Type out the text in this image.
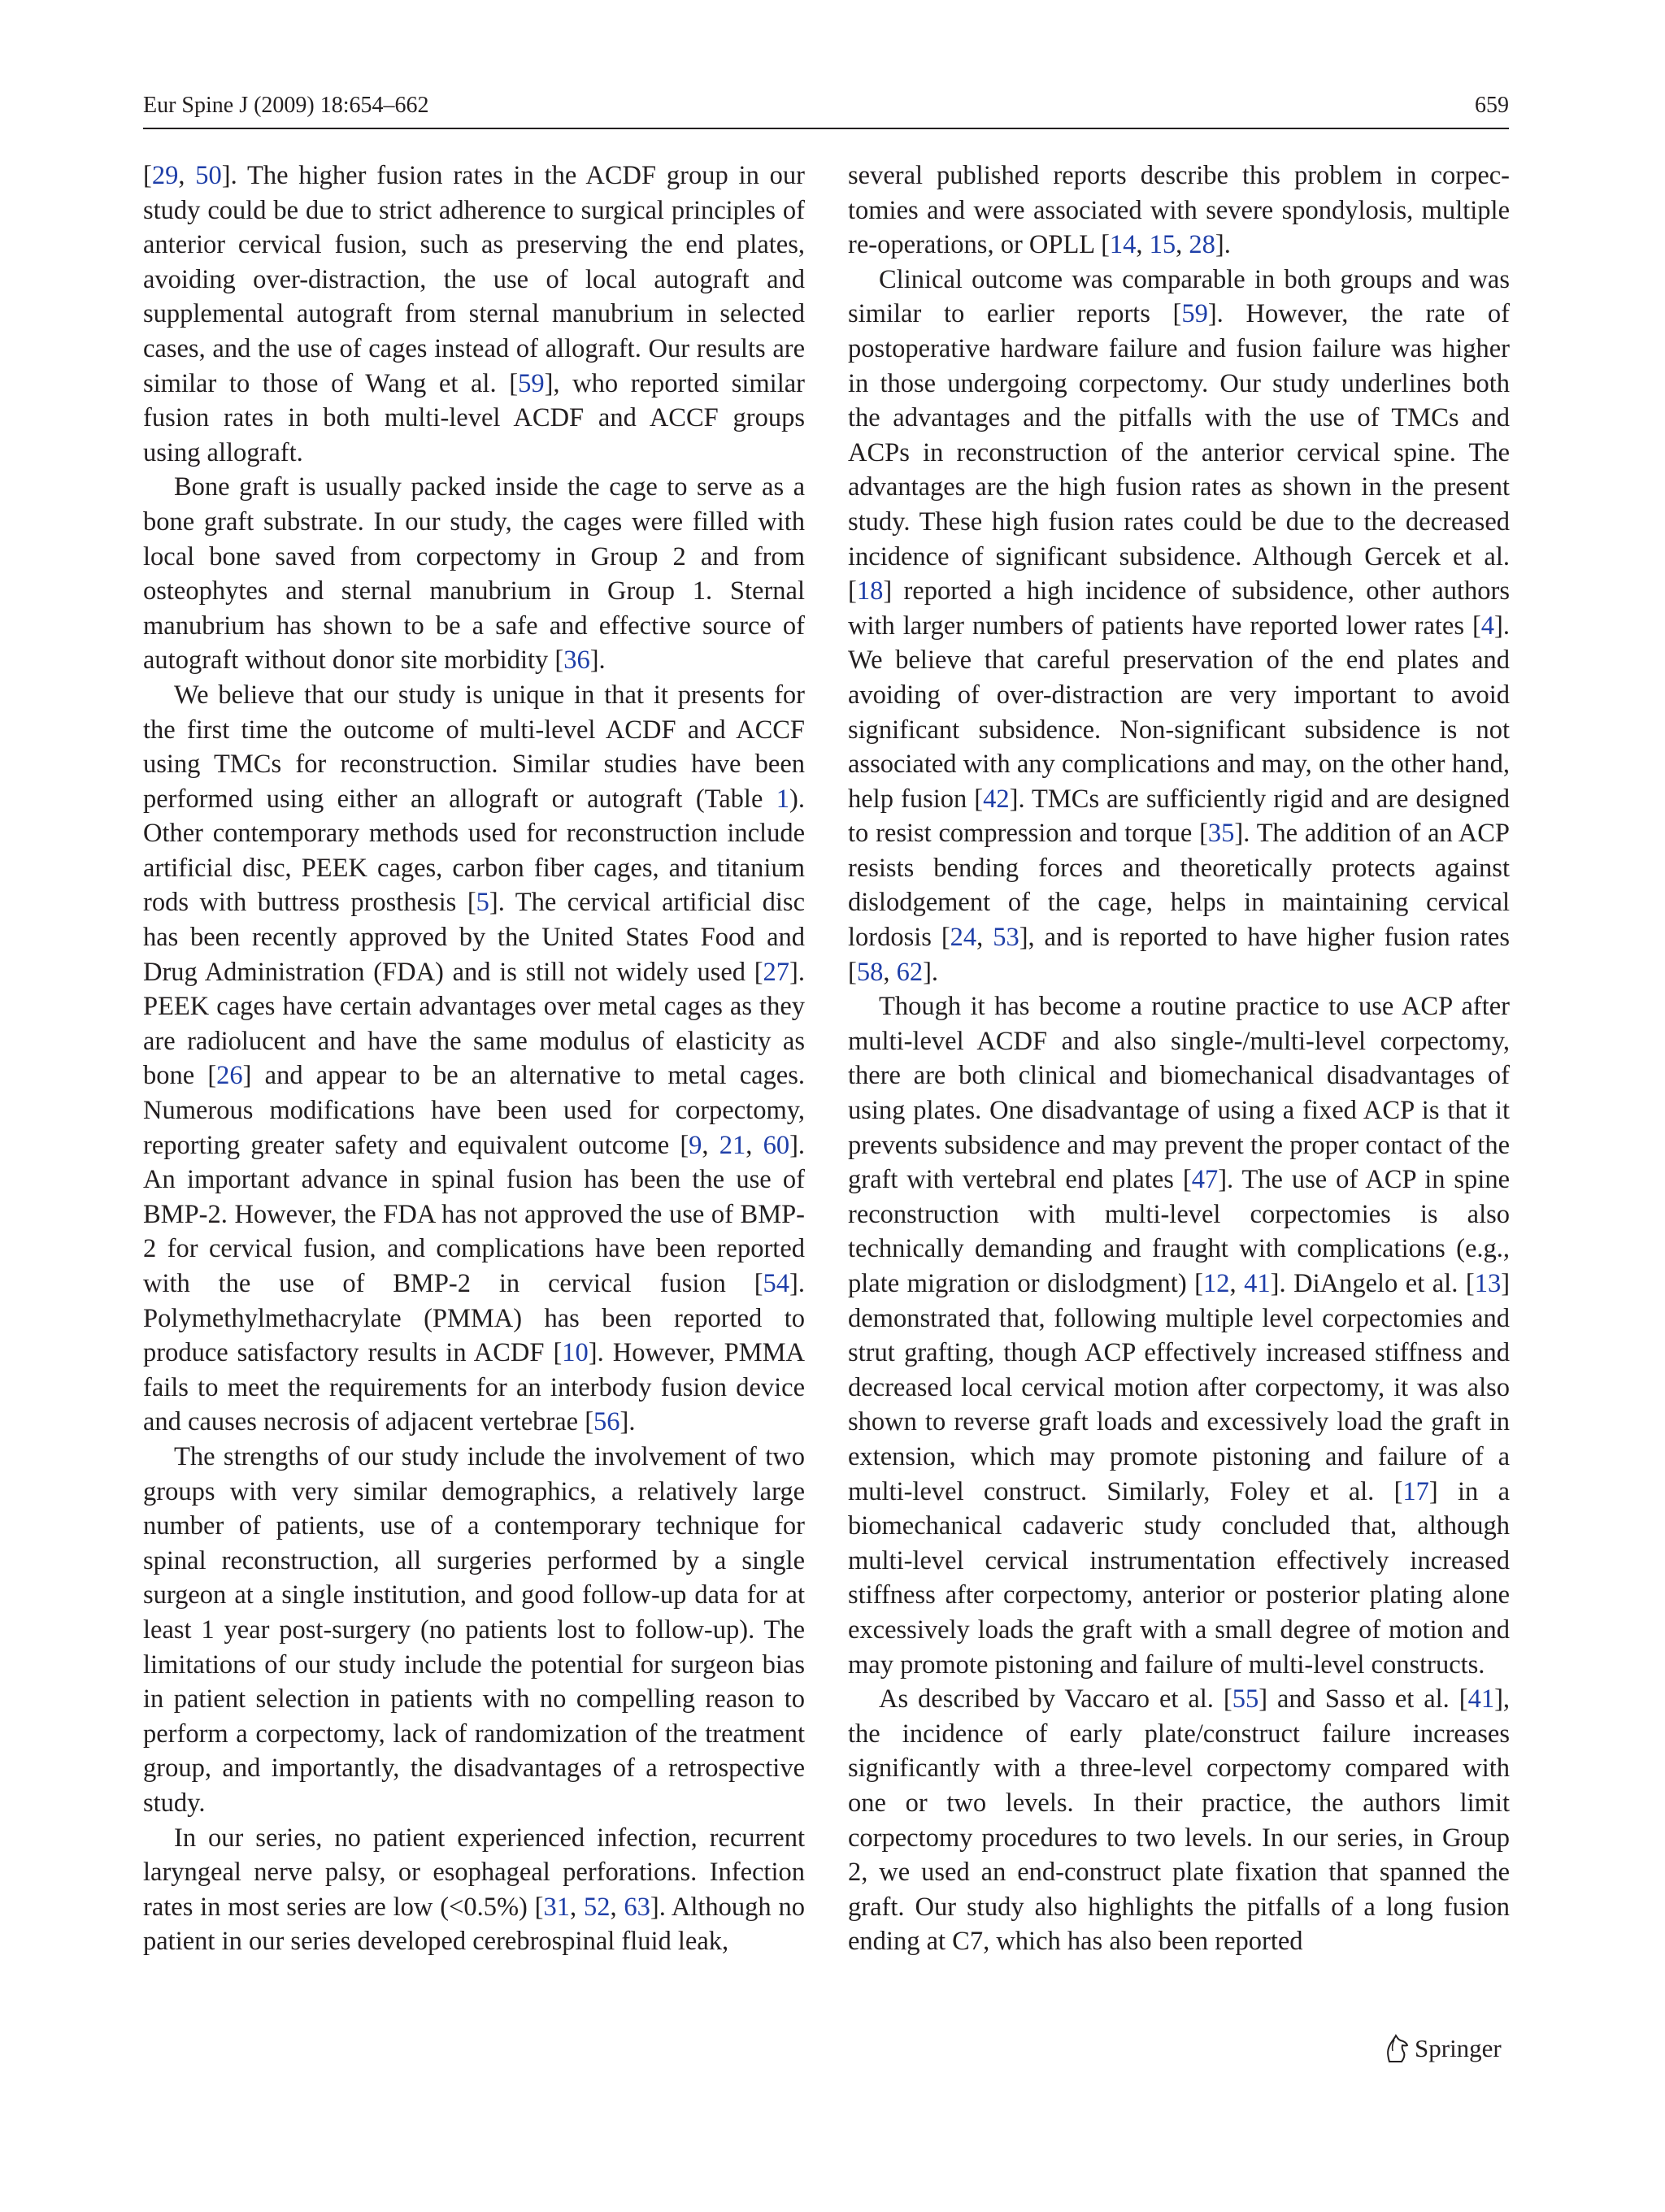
Eur Spine J (2009) 18:654–662	659

[29, 50]. The higher fusion rates in the ACDF group in our study could be due to strict adherence to surgical principles of anterior cervical fusion, such as preserving the end plates, avoiding over-distraction, the use of local autograft and supplemental autograft from sternal manubrium in selected cases, and the use of cages instead of allograft. Our results are similar to those of Wang et al. [59], who reported similar fusion rates in both multi-level ACDF and ACCF groups using allograft.

Bone graft is usually packed inside the cage to serve as a bone graft substrate. In our study, the cages were filled with local bone saved from corpectomy in Group 2 and from osteophytes and sternal manubrium in Group 1. Sternal manubrium has shown to be a safe and effective source of autograft without donor site morbidity [36].

We believe that our study is unique in that it presents for the first time the outcome of multi-level ACDF and ACCF using TMCs for reconstruction. Similar studies have been performed using either an allograft or autograft (Table 1). Other contemporary methods used for reconstruction include artificial disc, PEEK cages, carbon fiber cages, and titanium rods with buttress prosthesis [5]. The cervical artificial disc has been recently approved by the United States Food and Drug Administration (FDA) and is still not widely used [27]. PEEK cages have certain advantages over metal cages as they are radiolucent and have the same modulus of elasticity as bone [26] and appear to be an alternative to metal cages. Numerous modifications have been used for corpectomy, reporting greater safety and equivalent outcome [9, 21, 60]. An important advance in spinal fusion has been the use of BMP-2. However, the FDA has not approved the use of BMP-2 for cervical fusion, and complications have been reported with the use of BMP-2 in cervical fusion [54]. Polymethylmethacrylate (PMMA) has been reported to produce satisfactory results in ACDF [10]. However, PMMA fails to meet the requirements for an interbody fusion device and causes necrosis of adjacent vertebrae [56].

The strengths of our study include the involvement of two groups with very similar demographics, a relatively large number of patients, use of a contemporary technique for spinal reconstruction, all surgeries performed by a single surgeon at a single institution, and good follow-up data for at least 1 year post-surgery (no patients lost to follow-up). The limitations of our study include the potential for surgeon bias in patient selection in patients with no compelling reason to perform a corpectomy, lack of randomization of the treatment group, and importantly, the disadvantages of a retrospective study.

In our series, no patient experienced infection, recurrent laryngeal nerve palsy, or esophageal perforations. Infection rates in most series are low (<0.5%) [31, 52, 63]. Although no patient in our series developed cerebrospinal fluid leak,

several published reports describe this problem in corpectomies and were associated with severe spondylosis, multiple re-operations, or OPLL [14, 15, 28].

Clinical outcome was comparable in both groups and was similar to earlier reports [59]. However, the rate of postoperative hardware failure and fusion failure was higher in those undergoing corpectomy. Our study underlines both the advantages and the pitfalls with the use of TMCs and ACPs in reconstruction of the anterior cervical spine. The advantages are the high fusion rates as shown in the present study. These high fusion rates could be due to the decreased incidence of significant subsidence. Although Gercek et al. [18] reported a high incidence of subsidence, other authors with larger numbers of patients have reported lower rates [4]. We believe that careful preservation of the end plates and avoiding of over-distraction are very important to avoid significant subsidence. Non-significant subsidence is not associated with any complications and may, on the other hand, help fusion [42]. TMCs are sufficiently rigid and are designed to resist compression and torque [35]. The addition of an ACP resists bending forces and theoretically protects against dislodgement of the cage, helps in maintaining cervical lordosis [24, 53], and is reported to have higher fusion rates [58, 62].

Though it has become a routine practice to use ACP after multi-level ACDF and also single-/multi-level corpectomy, there are both clinical and biomechanical disadvantages of using plates. One disadvantage of using a fixed ACP is that it prevents subsidence and may prevent the proper contact of the graft with vertebral end plates [47]. The use of ACP in spine reconstruction with multi-level corpectomies is also technically demanding and fraught with complications (e.g., plate migration or dislodgment) [12, 41]. DiAngelo et al. [13] demonstrated that, following multiple level corpectomies and strut grafting, though ACP effectively increased stiffness and decreased local cervical motion after corpectomy, it was also shown to reverse graft loads and excessively load the graft in extension, which may promote pistoning and failure of a multi-level construct. Similarly, Foley et al. [17] in a biomechanical cadaveric study concluded that, although multi-level cervical instrumentation effectively increased stiffness after corpectomy, anterior or posterior plating alone excessively loads the graft with a small degree of motion and may promote pistoning and failure of multi-level constructs.

As described by Vaccaro et al. [55] and Sasso et al. [41], the incidence of early plate/construct failure increases significantly with a three-level corpectomy compared with one or two levels. In their practice, the authors limit corpectomy procedures to two levels. In our series, in Group 2, we used an end-construct plate fixation that spanned the graft. Our study also highlights the pitfalls of a long fusion ending at C7, which has also been reported

Springer
